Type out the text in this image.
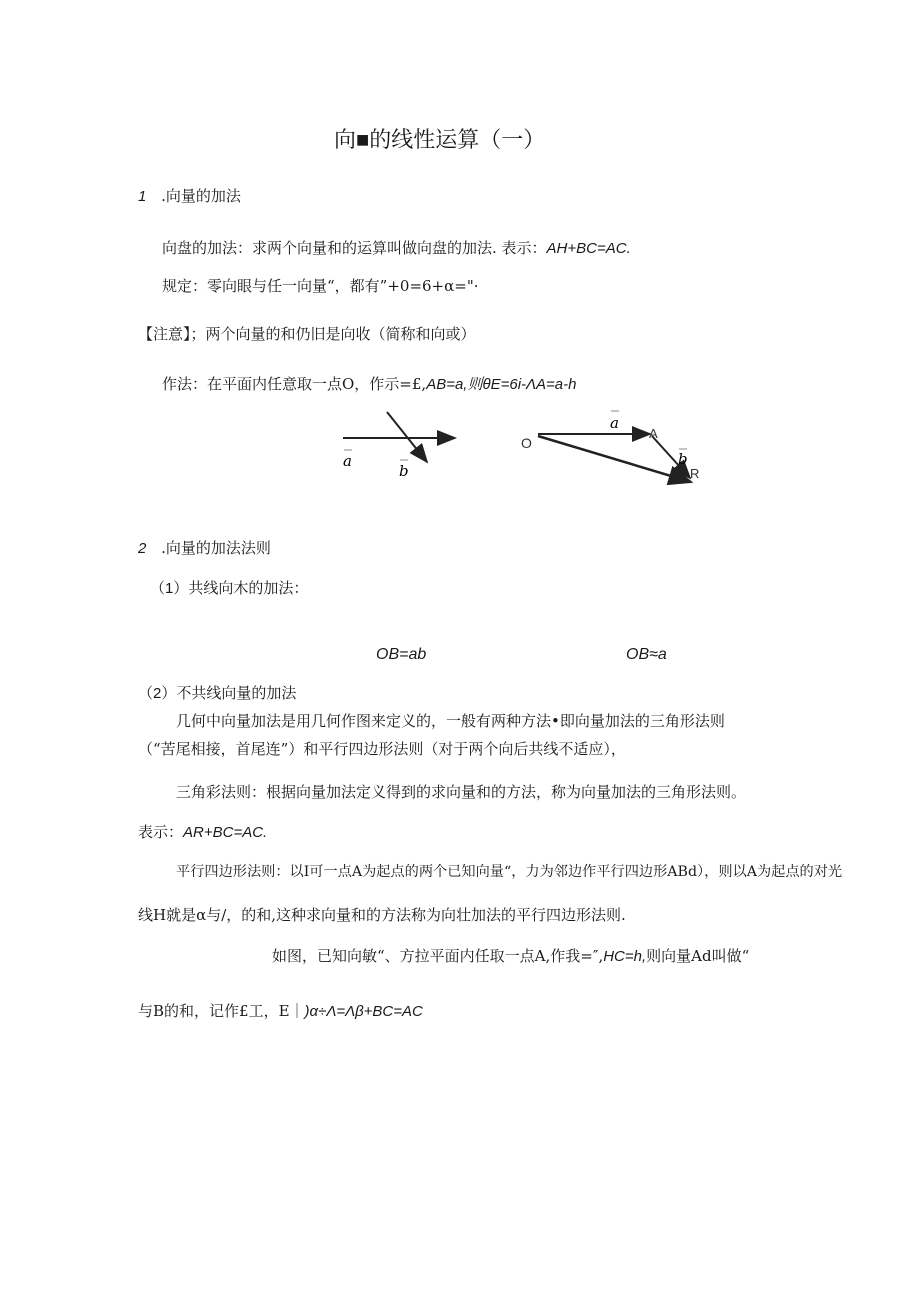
向■的线性运算（一）
1 .向量的加法
向盘的加法：求两个向量和的运算叫做向盘的加法. 表示：AH+BC=AC.
规定：零向眼与任一向量“，都有”+0=6+α="·
【注意】；两个向量的和仍旧是向收（简称和向或）
作法：在平面内任意取一点O，作示=£,AB=a,则θE=6i-ΛA=a-h
a
b
O
a
A
b
R
2 .向量的加法法则
（1）共线向木的加法：
OB=ab	OB≈a
（2）不共线向量的加法
几何中向量加法是用几何作图来定义的，一般有两种方法•即向量加法的三角形法则
（“苦尾相接，首尾连”）和平行四边形法则（对于两个向后共线不适应），
三角彩法则：根据向量加法定义得到的求向量和的方法，称为向量加法的三角形法则。
表示：AR+BC=AC.
平行四边形法则：以Ⅰ可一点A为起点的两个已知向量“，力为邻边作平行四边形ABd），则以A为起点的对光
线H就是α与/，的和,这种求向量和的方法称为向壮加法的平行四边形法则.
如图，已知向敏“、方拉平面内任取一点A,作我=″,HC=h,则向量Ad叫做“
与B的和，记作£工，E｜)α÷Λ=Λβ+BC=AC
